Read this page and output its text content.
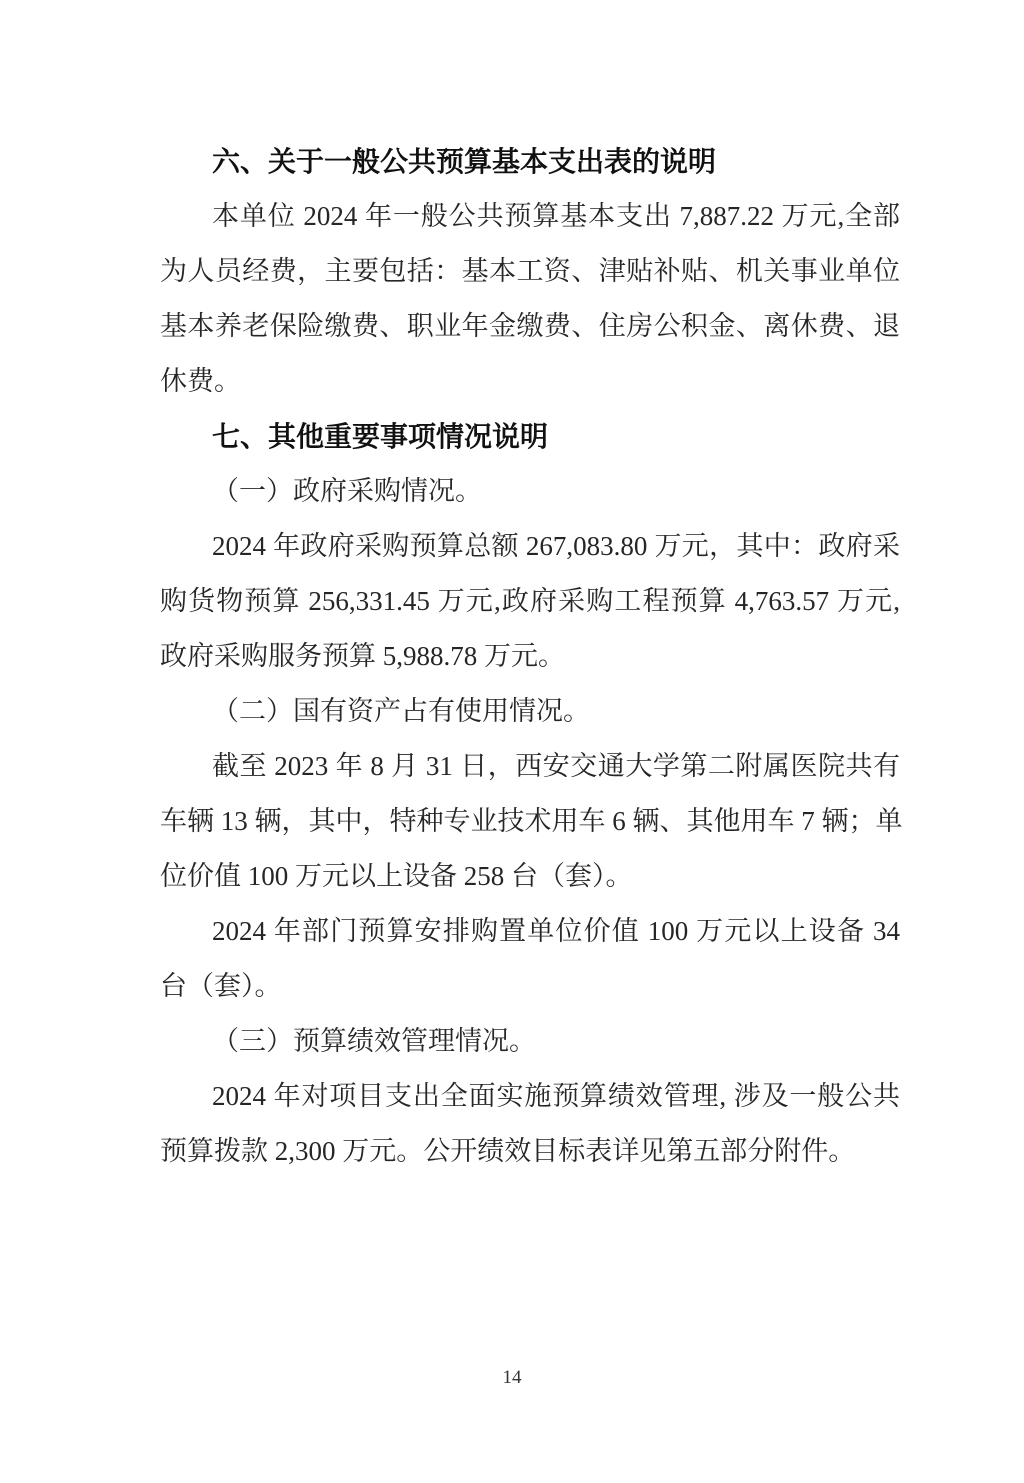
六、关于一般公共预算基本支出表的说明
本单位 2024 年一般公共预算基本支出 7,887.22 万元,全部
为人员经费，主要包括：基本工资、津贴补贴、机关事业单位
基本养老保险缴费、职业年金缴费、住房公积金、离休费、退
休费。
七、其他重要事项情况说明
（一）政府采购情况。
2024 年政府采购预算总额 267,083.80 万元，其中：政府采
购货物预算 256,331.45 万元,政府采购工程预算 4,763.57 万元,
政府采购服务预算 5,988.78 万元。
（二）国有资产占有使用情况。
截至 2023 年 8 月 31 日，西安交通大学第二附属医院共有
车辆 13 辆，其中，特种专业技术用车 6 辆、其他用车 7 辆；单
位价值 100 万元以上设备 258 台（套）。
2024 年部门预算安排购置单位价值 100 万元以上设备 34
台（套）。
（三）预算绩效管理情况。
2024 年对项目支出全面实施预算绩效管理, 涉及一般公共
预算拨款 2,300 万元。公开绩效目标表详见第五部分附件。
14
